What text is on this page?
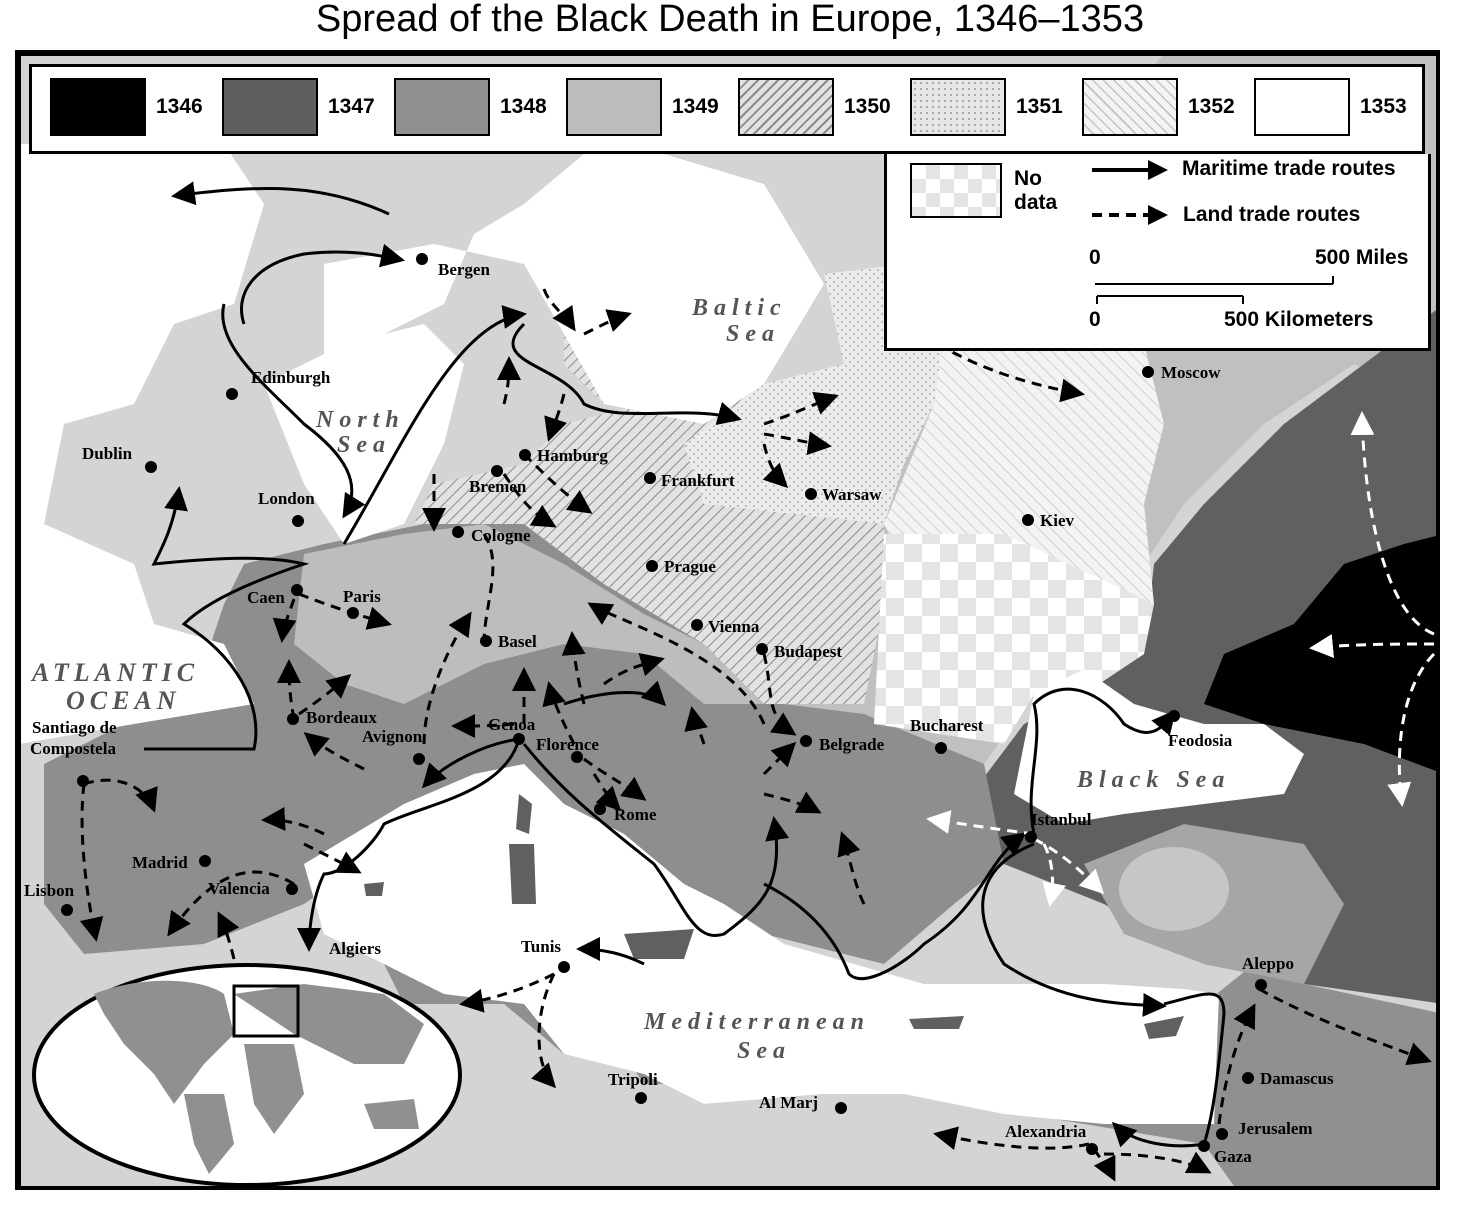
Spread of the Black Death in Europe, 1346–1353
Bergen
Edinburgh
Dublin
London
Hamburg
Bremen
Cologne
Frankfurt
Warsaw
Moscow
Kiev
Prague
Vienna
Budapest
Basel
Paris
Caen
Bordeaux
Avignon
Genoa
Florence
Rome
Belgrade
Bucharest
Feodosia
Istanbul
Santiago de
Compostela
Madrid
Lisbon	Valencia
Algiers	Tunis
Tripoli
Al Marj
Alexandria
Gaza
Jerusalem
Damascus
Aleppo
North
Sea
Baltic
Sea
ATLANTIC
OCEAN
Black Sea
Mediterranean
Sea
1346	1347	1348	1349	1350	1351	1352	1353
No data
Maritime trade routes
Land trade routes
0	500 Miles
0	500 Kilometers
